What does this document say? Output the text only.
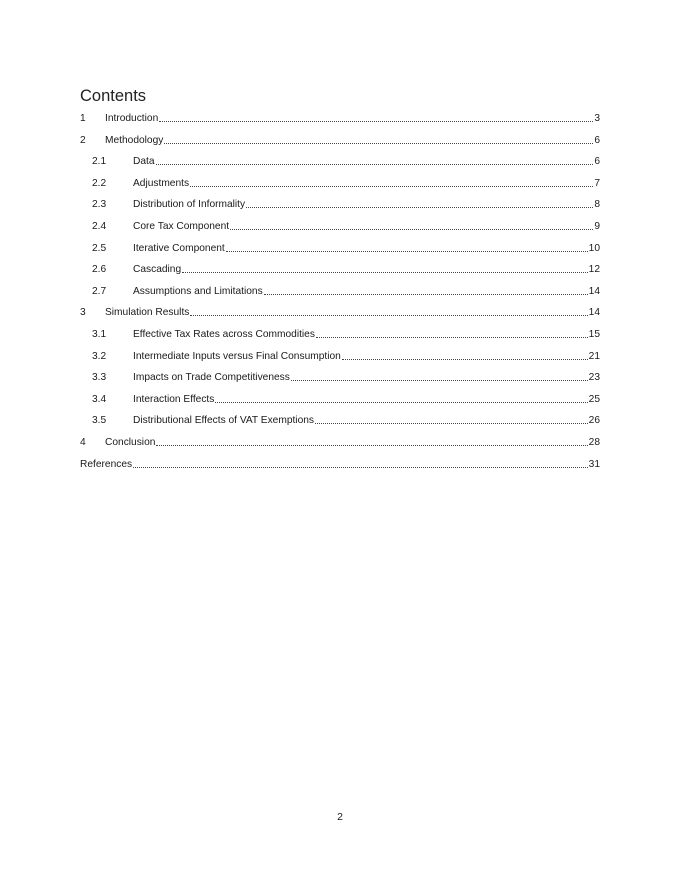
Contents
1 Introduction	3
2 Methodology	6
2.1	Data	6
2.2	Adjustments	7
2.3	Distribution of Informality	8
2.4	Core Tax Component	9
2.5	Iterative Component	10
2.6	Cascading	12
2.7	Assumptions and Limitations	14
3 Simulation Results	14
3.1	Effective Tax Rates across Commodities	15
3.2	Intermediate Inputs versus Final Consumption	21
3.3	Impacts on Trade Competitiveness	23
3.4	Interaction Effects	25
3.5	Distributional Effects of VAT Exemptions	26
4 Conclusion	28
References	31
2
